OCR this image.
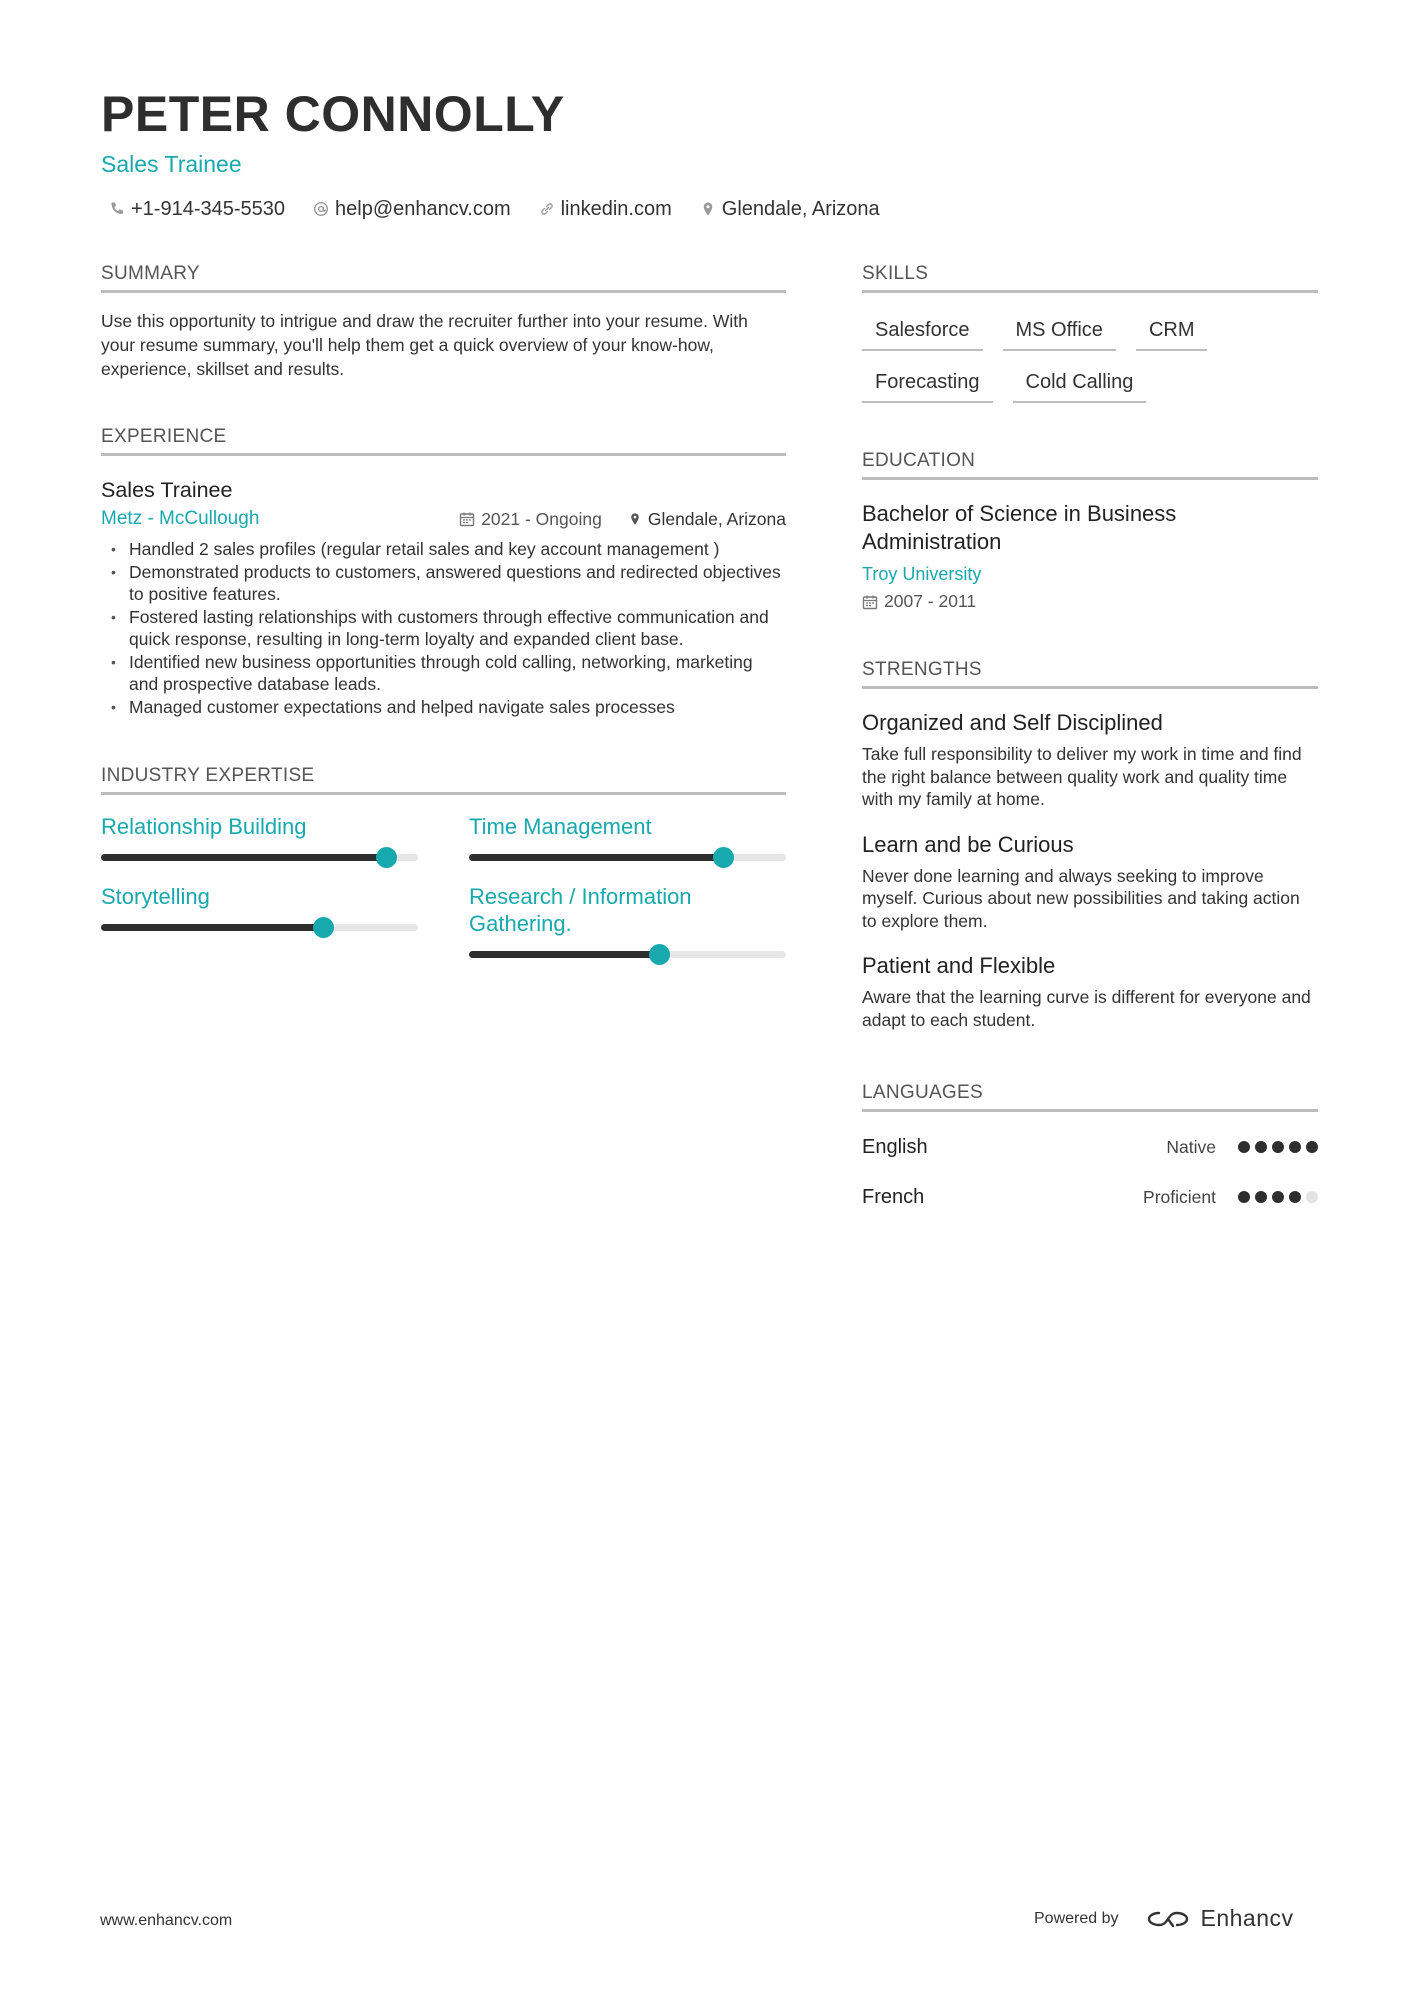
PETER CONNOLLY
Sales Trainee
+1-914-345-5530	help@enhancv.com	linkedin.com	Glendale, Arizona
SUMMARY
Use this opportunity to intrigue and draw the recruiter further into your resume. With your resume summary, you'll help them get a quick overview of your know-how, experience, skillset and results.
EXPERIENCE
Sales Trainee
Metz - McCullough	2021 - Ongoing	Glendale, Arizona
• Handled 2 sales profiles (regular retail sales and key account management )
• Demonstrated products to customers, answered questions and redirected objectives to positive features.
• Fostered lasting relationships with customers through effective communication and quick response, resulting in long-term loyalty and expanded client base.
• Identified new business opportunities through cold calling, networking, marketing and prospective database leads.
• Managed customer expectations and helped navigate sales processes
INDUSTRY EXPERTISE
Relationship Building	Time Management
Storytelling	Research / Information Gathering.
SKILLS
Salesforce	MS Office	CRM
Forecasting	Cold Calling
EDUCATION
Bachelor of Science in Business Administration
Troy University
2007 - 2011
STRENGTHS
Organized and Self Disciplined
Take full responsibility to deliver my work in time and find the right balance between quality work and quality time with my family at home.
Learn and be Curious
Never done learning and always seeking to improve myself. Curious about new possibilities and taking action to explore them.
Patient and Flexible
Aware that the learning curve is different for everyone and adapt to each student.
LANGUAGES
English	Native
French	Proficient
www.enhancv.com	Powered by	Enhancv
